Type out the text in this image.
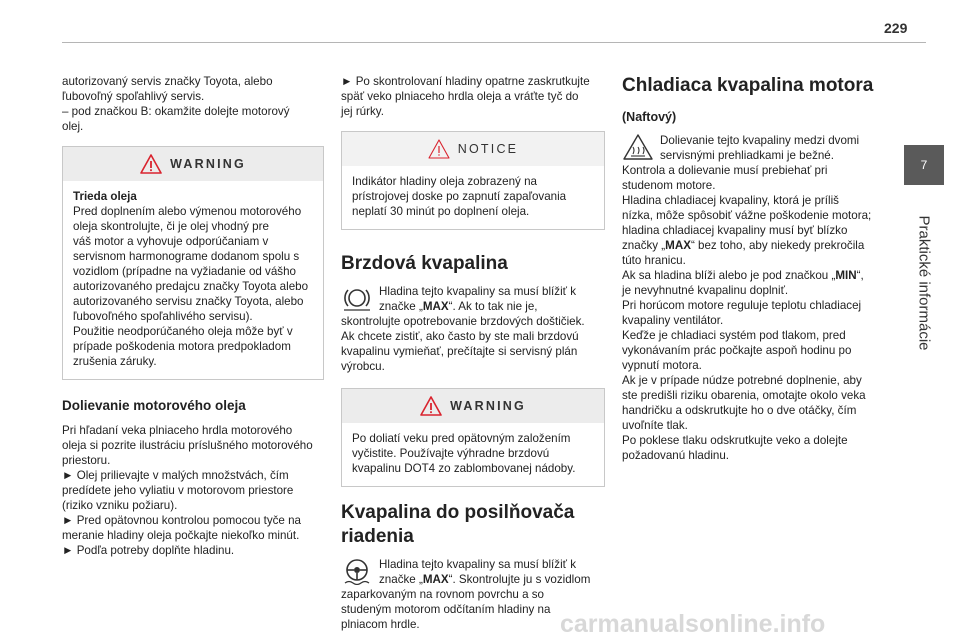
229

autorizovaný servis značky Toyota, alebo
ľubovoľný spoľahlivý servis.
– pod značkou B: okamžite dolejte motorový
olej.

WARNING

Trieda oleja

Pred doplnením alebo výmenou motorového
oleja skontrolujte, či je olej vhodný pre
váš motor a vyhovuje odporúčaniam v
servisnom harmonograme dodanom spolu s
vozidlom (prípadne na vyžiadanie od vášho
autorizovaného predajcu značky Toyota alebo
autorizovaného servisu značky Toyota, alebo
ľubovoľného spoľahlivého servisu).
Použitie neodporúčaného oleja môže byť v
prípade poškodenia motora predpokladom
zrušenia záruky.

Dolievanie motorového oleja

Pri hľadaní veka plniaceho hrdla motorového
oleja si pozrite ilustráciu príslušného motorového
priestoru.
► Olej prilievajte v malých množstvách, čím
predídete jeho vyliatiu v motorovom priestore
(riziko vzniku požiaru).
► Pred opätovnou kontrolou pomocou tyče na
meranie hladiny oleja počkajte niekoľko minút.
► Podľa potreby doplňte hladinu.

► Po skontrolovaní hladiny opatrne zaskrutkujte
späť veko plniaceho hrdla oleja a vráťte tyč do
jej rúrky.

NOTICE

Indikátor hladiny oleja zobrazený na
prístrojovej doske po zapnutí zapaľovania
neplatí 30 minút po doplnení oleja.

Brzdová kvapalina

Hladina tejto kvapaliny sa musí blížiť k

značke „MAX“. Ak to tak nie je,

skontrolujte opotrebovanie brzdových doštičiek.
Ak chcete zistiť, ako často by ste mali brzdovú
kvapalinu vymieňať, prečítajte si servisný plán
výrobcu.

WARNING

Po doliatí veku pred opätovným založením
vyčistite. Používajte výhradne brzdovú
kvapalinu DOT4 zo zablombovanej nádoby.

Kvapalina do posilňovača
riadenia

Hladina tejto kvapaliny sa musí blížiť k

značke „MAX“. Skontrolujte ju s vozidlom

zaparkovaným na rovnom povrchu a so
studeným motorom odčítaním hladiny na
plniacom hrdle.

Chladiaca kvapalina motora
(Naftový)

Dolievanie tejto kvapaliny medzi dvomi
servisnými prehliadkami je bežné.

Kontrola a dolievanie musí prebiehať pri
studenom motore.
Hladina chladiacej kvapaliny, ktorá je príliš
nízka, môže spôsobiť vážne poškodenie motora;
hladina chladiacej kvapaliny musí byť blízko
značky „MAX“ bez toho, aby niekedy prekročila
túto hranicu.
Ak sa hladina blíži alebo je pod značkou „MIN“,
je nevyhnutné kvapalinu doplniť.
Pri horúcom motore reguluje teplotu chladiacej
kvapaliny ventilátor.
Keďže je chladiaci systém pod tlakom, pred
vykonávaním prác počkajte aspoň hodinu po
vypnutí motora.
Ak je v prípade núdze potrebné doplnenie, aby
ste predišli riziku obarenia, omotajte okolo veka
handričku a odskrutkujte ho o dve otáčky, čím
uvoľníte tlak.
Po poklese tlaku odskrutkujte veko a dolejte
požadovanú hladinu.

7
Praktické informácie
carmanualsonline.info
